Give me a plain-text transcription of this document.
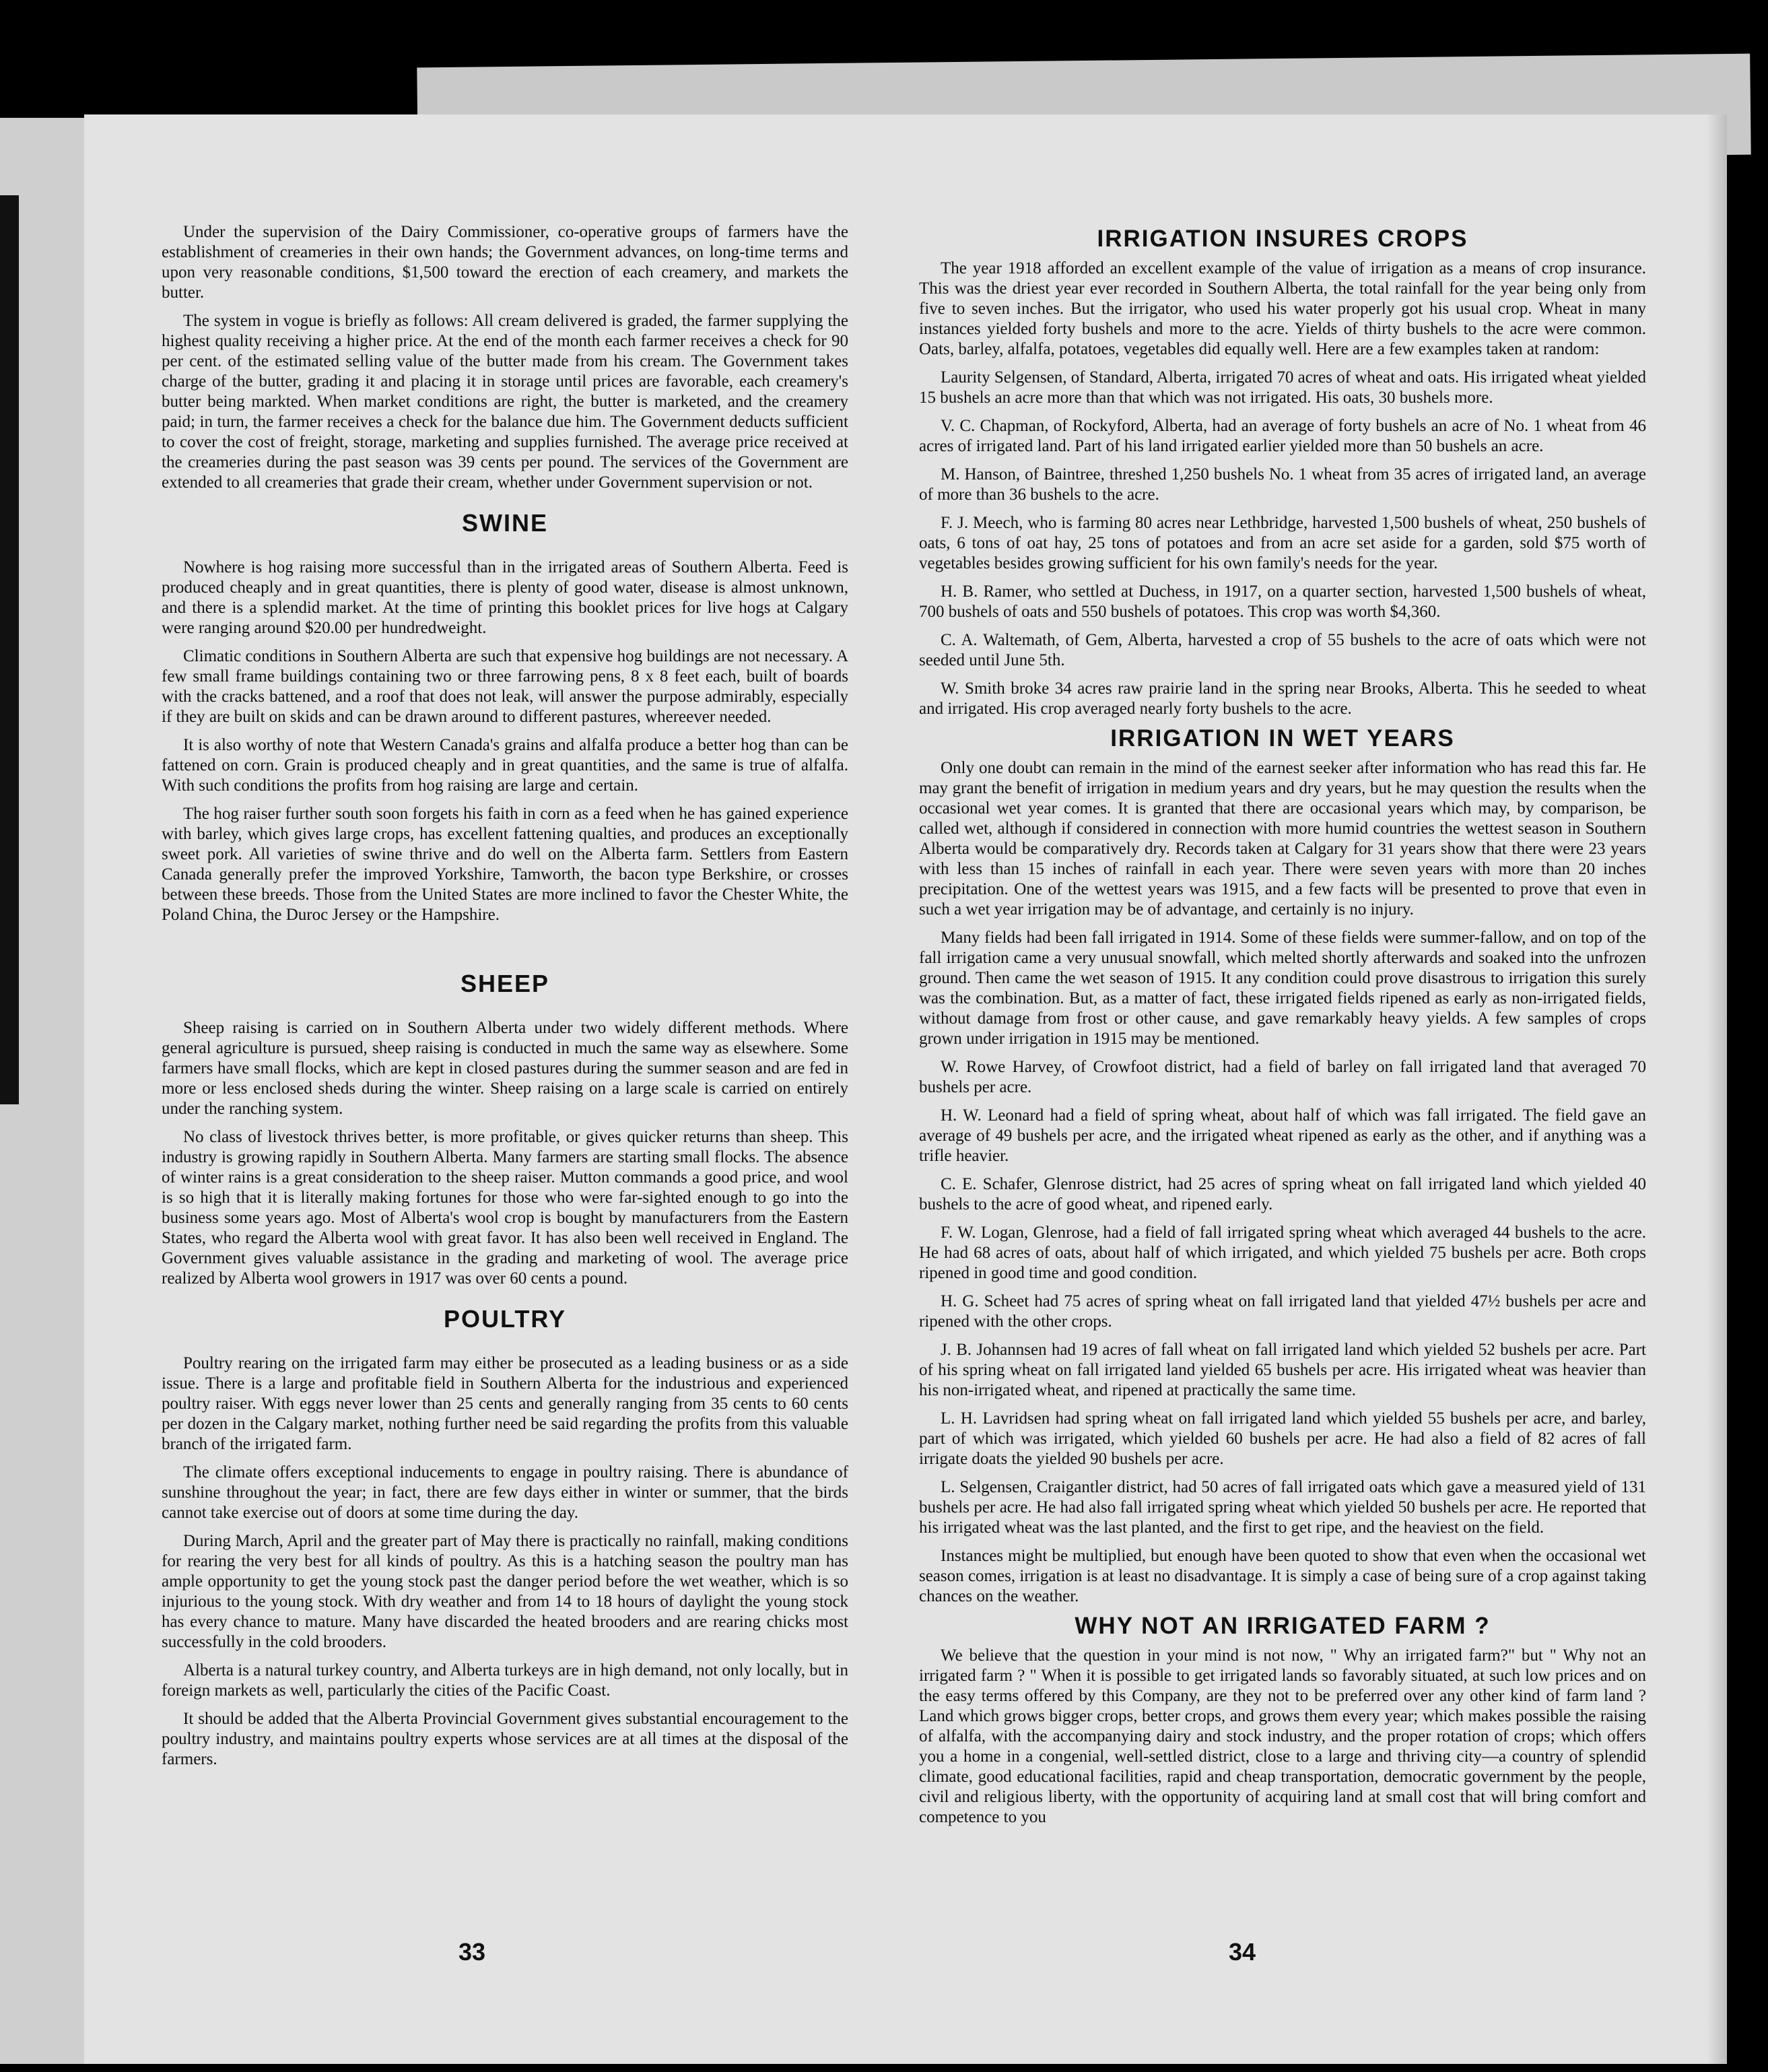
Under the supervision of the Dairy Commissioner, co-operative groups of farmers have the establishment of creameries in their own hands; the Government advances, on long-time terms and upon very reasonable conditions, $1,500 toward the erection of each creamery, and markets the butter.

The system in vogue is briefly as follows: All cream delivered is graded, the farmer supplying the highest quality receiving a higher price. At the end of the month each farmer receives a check for 90 per cent. of the estimated selling value of the butter made from his cream. The Government takes charge of the butter, grading it and placing it in storage until prices are favorable, each creamery's butter being markted. When market conditions are right, the butter is marketed, and the creamery paid; in turn, the farmer receives a check for the balance due him. The Government deducts sufficient to cover the cost of freight, storage, marketing and supplies furnished. The average price received at the creameries during the past season was 39 cents per pound. The services of the Government are extended to all creameries that grade their cream, whether under Government supervision or not.

SWINE

Nowhere is hog raising more successful than in the irrigated areas of Southern Alberta. Feed is produced cheaply and in great quantities, there is plenty of good water, disease is almost unknown, and there is a splendid market. At the time of printing this booklet prices for live hogs at Calgary were ranging around $20.00 per hundredweight.

Climatic conditions in Southern Alberta are such that expensive hog buildings are not necessary. A few small frame buildings containing two or three farrowing pens, 8 x 8 feet each, built of boards with the cracks battened, and a roof that does not leak, will answer the purpose admirably, especially if they are built on skids and can be drawn around to different pastures, whereever needed.

It is also worthy of note that Western Canada's grains and alfalfa produce a better hog than can be fattened on corn. Grain is produced cheaply and in great quantities, and the same is true of alfalfa. With such conditions the profits from hog raising are large and certain.

The hog raiser further south soon forgets his faith in corn as a feed when he has gained experience with barley, which gives large crops, has excellent fattening qualties, and produces an exceptionally sweet pork. All varieties of swine thrive and do well on the Alberta farm. Settlers from Eastern Canada generally prefer the improved Yorkshire, Tamworth, the bacon type Berkshire, or crosses between these breeds. Those from the United States are more inclined to favor the Chester White, the Poland China, the Duroc Jersey or the Hampshire.

SHEEP

Sheep raising is carried on in Southern Alberta under two widely different methods. Where general agriculture is pursued, sheep raising is conducted in much the same way as elsewhere. Some farmers have small flocks, which are kept in closed pastures during the summer season and are fed in more or less enclosed sheds during the winter. Sheep raising on a large scale is carried on entirely under the ranching system.

No class of livestock thrives better, is more profitable, or gives quicker returns than sheep. This industry is growing rapidly in Southern Alberta. Many farmers are starting small flocks. The absence of winter rains is a great consideration to the sheep raiser. Mutton commands a good price, and wool is so high that it is literally making fortunes for those who were far-sighted enough to go into the business some years ago. Most of Alberta's wool crop is bought by manufacturers from the Eastern States, who regard the Alberta wool with great favor. It has also been well received in England. The Government gives valuable assistance in the grading and marketing of wool. The average price realized by Alberta wool growers in 1917 was over 60 cents a pound.

POULTRY

Poultry rearing on the irrigated farm may either be prosecuted as a leading business or as a side issue. There is a large and profitable field in Southern Alberta for the industrious and experienced poultry raiser. With eggs never lower than 25 cents and generally ranging from 35 cents to 60 cents per dozen in the Calgary market, nothing further need be said regarding the profits from this valuable branch of the irrigated farm.

The climate offers exceptional inducements to engage in poultry raising. There is abundance of sunshine throughout the year; in fact, there are few days either in winter or summer, that the birds cannot take exercise out of doors at some time during the day.

During March, April and the greater part of May there is practically no rainfall, making conditions for rearing the very best for all kinds of poultry. As this is a hatching season the poultry man has ample opportunity to get the young stock past the danger period before the wet weather, which is so injurious to the young stock. With dry weather and from 14 to 18 hours of daylight the young stock has every chance to mature. Many have discarded the heated brooders and are rearing chicks most successfully in the cold brooders.

Alberta is a natural turkey country, and Alberta turkeys are in high demand, not only locally, but in foreign markets as well, particularly the cities of the Pacific Coast.

It should be added that the Alberta Provincial Government gives substantial encouragement to the poultry industry, and maintains poultry experts whose services are at all times at the disposal of the farmers.

IRRIGATION INSURES CROPS

The year 1918 afforded an excellent example of the value of irrigation as a means of crop insurance. This was the driest year ever recorded in Southern Alberta, the total rainfall for the year being only from five to seven inches. But the irrigator, who used his water properly got his usual crop. Wheat in many instances yielded forty bushels and more to the acre. Yields of thirty bushels to the acre were common. Oats, barley, alfalfa, potatoes, vegetables did equally well. Here are a few examples taken at random:

Laurity Selgensen, of Standard, Alberta, irrigated 70 acres of wheat and oats. His irrigated wheat yielded 15 bushels an acre more than that which was not irrigated. His oats, 30 bushels more.

V. C. Chapman, of Rockyford, Alberta, had an average of forty bushels an acre of No. 1 wheat from 46 acres of irrigated land. Part of his land irrigated earlier yielded more than 50 bushels an acre.

M. Hanson, of Baintree, threshed 1,250 bushels No. 1 wheat from 35 acres of irrigated land, an average of more than 36 bushels to the acre.

F. J. Meech, who is farming 80 acres near Lethbridge, harvested 1,500 bushels of wheat, 250 bushels of oats, 6 tons of oat hay, 25 tons of potatoes and from an acre set aside for a garden, sold $75 worth of vegetables besides growing sufficient for his own family's needs for the year.

H. B. Ramer, who settled at Duchess, in 1917, on a quarter section, harvested 1,500 bushels of wheat, 700 bushels of oats and 550 bushels of potatoes. This crop was worth $4,360.

C. A. Waltemath, of Gem, Alberta, harvested a crop of 55 bushels to the acre of oats which were not seeded until June 5th.

W. Smith broke 34 acres raw prairie land in the spring near Brooks, Alberta. This he seeded to wheat and irrigated. His crop averaged nearly forty bushels to the acre.

IRRIGATION IN WET YEARS

Only one doubt can remain in the mind of the earnest seeker after information who has read this far. He may grant the benefit of irrigation in medium years and dry years, but he may question the results when the occasional wet year comes. It is granted that there are occasional years which may, by comparison, be called wet, although if considered in connection with more humid countries the wettest season in Southern Alberta would be comparatively dry. Records taken at Calgary for 31 years show that there were 23 years with less than 15 inches of rainfall in each year. There were seven years with more than 20 inches precipitation. One of the wettest years was 1915, and a few facts will be presented to prove that even in such a wet year irrigation may be of advantage, and certainly is no injury.

Many fields had been fall irrigated in 1914. Some of these fields were summer-fallow, and on top of the fall irrigation came a very unusual snowfall, which melted shortly afterwards and soaked into the unfrozen ground. Then came the wet season of 1915. It any condition could prove disastrous to irrigation this surely was the combination. But, as a matter of fact, these irrigated fields ripened as early as non-irrigated fields, without damage from frost or other cause, and gave remarkably heavy yields. A few samples of crops grown under irrigation in 1915 may be mentioned.

W. Rowe Harvey, of Crowfoot district, had a field of barley on fall irrigated land that averaged 70 bushels per acre.

H. W. Leonard had a field of spring wheat, about half of which was fall irrigated. The field gave an average of 49 bushels per acre, and the irrigated wheat ripened as early as the other, and if anything was a trifle heavier.

C. E. Schafer, Glenrose district, had 25 acres of spring wheat on fall irrigated land which yielded 40 bushels to the acre of good wheat, and ripened early.

F. W. Logan, Glenrose, had a field of fall irrigated spring wheat which averaged 44 bushels to the acre. He had 68 acres of oats, about half of which irrigated, and which yielded 75 bushels per acre. Both crops ripened in good time and good condition.

H. G. Scheet had 75 acres of spring wheat on fall irrigated land that yielded 47½ bushels per acre and ripened with the other crops.

J. B. Johannsen had 19 acres of fall wheat on fall irrigated land which yielded 52 bushels per acre. Part of his spring wheat on fall irrigated land yielded 65 bushels per acre. His irrigated wheat was heavier than his non-irrigated wheat, and ripened at practically the same time.

L. H. Lavridsen had spring wheat on fall irrigated land which yielded 55 bushels per acre, and barley, part of which was irrigated, which yielded 60 bushels per acre. He had also a field of 82 acres of fall irrigate doats the yielded 90 bushels per acre.

L. Selgensen, Craigantler district, had 50 acres of fall irrigated oats which gave a measured yield of 131 bushels per acre. He had also fall irrigated spring wheat which yielded 50 bushels per acre. He reported that his irrigated wheat was the last planted, and the first to get ripe, and the heaviest on the field.

Instances might be multiplied, but enough have been quoted to show that even when the occasional wet season comes, irrigation is at least no disadvantage. It is simply a case of being sure of a crop against taking chances on the weather.

WHY NOT AN IRRIGATED FARM ?

We believe that the question in your mind is not now, " Why an irrigated farm?" but " Why not an irrigated farm ? " When it is possible to get irrigated lands so favorably situated, at such low prices and on the easy terms offered by this Company, are they not to be preferred over any other kind of farm land ? Land which grows bigger crops, better crops, and grows them every year; which makes possible the raising of alfalfa, with the accompanying dairy and stock industry, and the proper rotation of crops; which offers you a home in a congenial, well-settled district, close to a large and thriving city—a country of splendid climate, good educational facilities, rapid and cheap transportation, democratic government by the people, civil and religious liberty, with the opportunity of acquiring land at small cost that will bring comfort and competence to you

33	34
